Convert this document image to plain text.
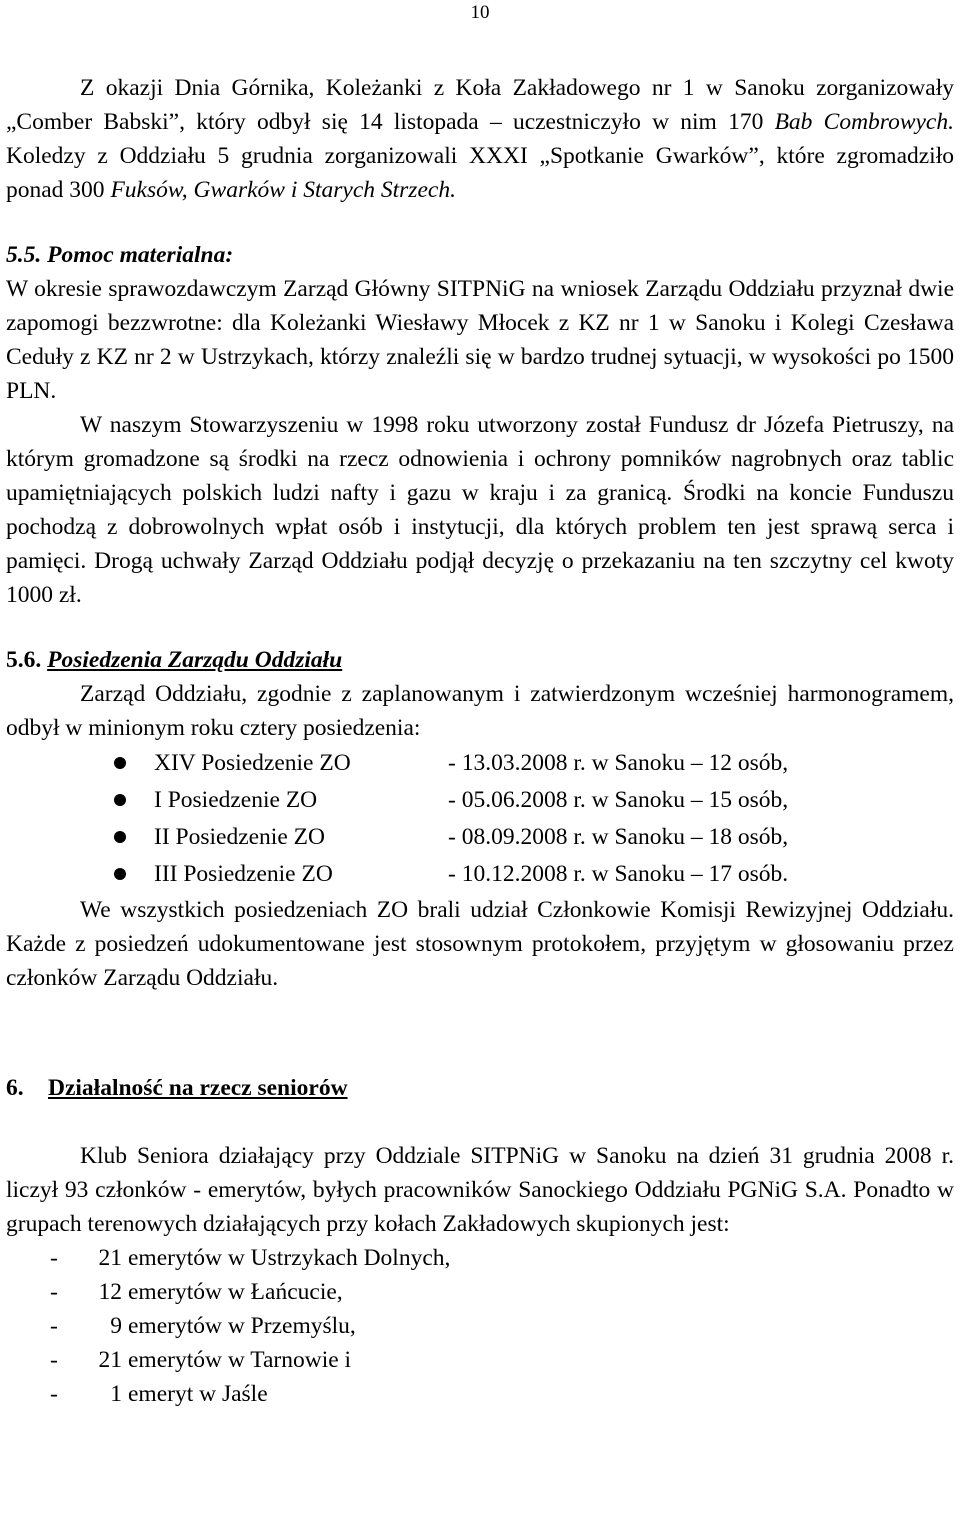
10

Z okazji Dnia Górnika, Koleżanki z Koła Zakładowego nr 1 w Sanoku zorganizowały „Comber Babski”, który odbył się 14 listopada – uczestniczyło w nim 170 Bab Combrowych. Koledzy z Oddziału 5 grudnia zorganizowali XXXI „Spotkanie Gwarków”, które zgromadziło ponad 300 Fuksów, Gwarków i Starych Strzech.

5.5. Pomoc materialna:

W okresie sprawozdawczym Zarząd Główny SITPNiG na wniosek Zarządu Oddziału przyznał dwie zapomogi bezzwrotne: dla Koleżanki Wiesławy Młocek z KZ nr 1 w Sanoku i Kolegi Czesława Ceduły z KZ nr 2 w Ustrzykach, którzy znaleźli się w bardzo trudnej sytuacji, w wysokości po 1500 PLN.

W naszym Stowarzyszeniu w 1998 roku utworzony został Fundusz dr Józefa Pietruszy, na którym gromadzone są środki na rzecz odnowienia i ochrony pomników nagrobnych oraz tablic upamiętniających polskich ludzi nafty i gazu w kraju i za granicą. Środki na koncie Funduszu pochodzą z dobrowolnych wpłat osób i instytucji, dla których problem ten jest sprawą serca i pamięci. Drogą uchwały Zarząd Oddziału podjął decyzję o przekazaniu na ten szczytny cel kwoty 1000 zł.

5.6. Posiedzenia Zarządu Oddziału

Zarząd Oddziału, zgodnie z zaplanowanym i zatwierdzonym wcześniej harmonogramem, odbył w minionym roku cztery posiedzenia:

XIV Posiedzenie ZO	- 13.03.2008 r. w Sanoku – 12 osób,
I Posiedzenie ZO	- 05.06.2008 r. w Sanoku – 15 osób,
II Posiedzenie ZO	- 08.09.2008 r. w Sanoku – 18 osób,
III Posiedzenie ZO	- 10.12.2008 r. w Sanoku – 17 osób.

We wszystkich posiedzeniach ZO brali udział Członkowie Komisji Rewizyjnej Oddziału. Każde z posiedzeń udokumentowane jest stosownym protokołem, przyjętym w głosowaniu przez członków Zarządu Oddziału.

6. Działalność na rzecz seniorów

Klub Seniora działający przy Oddziale SITPNiG w Sanoku na dzień 31 grudnia 2008 r. liczył 93 członków - emerytów, byłych pracowników Sanockiego Oddziału PGNiG S.A. Ponadto w grupach terenowych działających przy kołach Zakładowych skupionych jest:

-	21 emerytów w Ustrzykach Dolnych,
-	12 emerytów w Łańcucie,
-	9 emerytów w Przemyślu,
-	21 emerytów w Tarnowie i
-	1 emeryt w Jaśle
